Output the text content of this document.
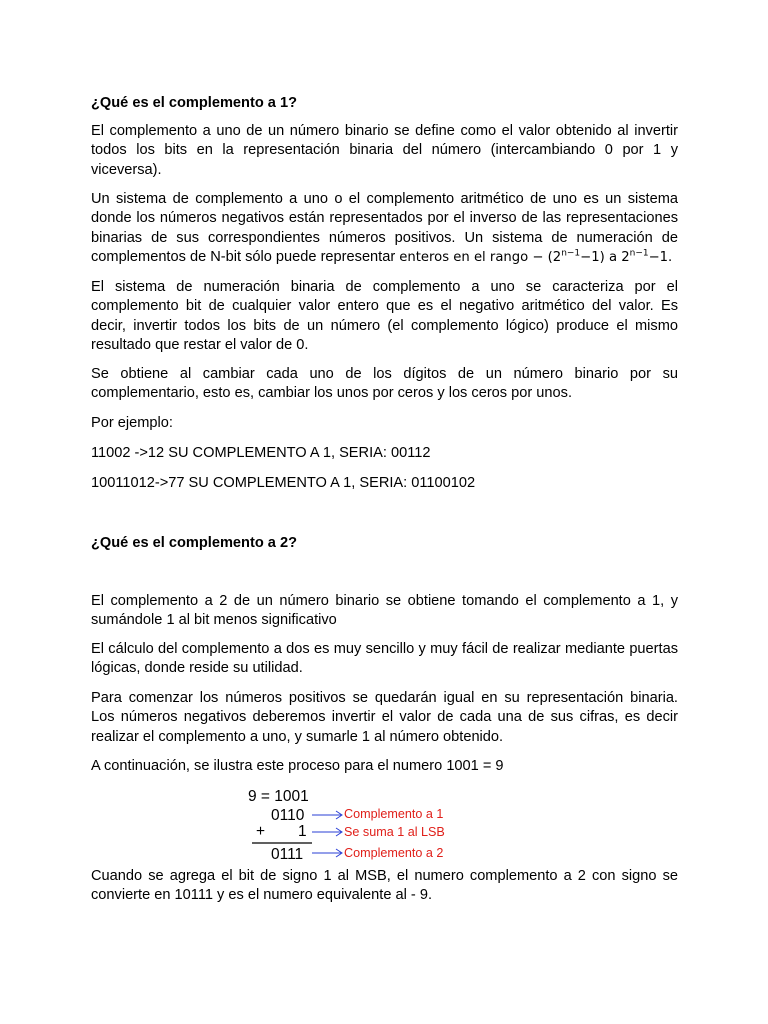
¿Qué es el complemento a 1?
El complemento a uno de un número binario se define como el valor obtenido al invertir
todos los bits en la representación binaria del número (intercambiando 0 por 1 y
viceversa).
Un sistema de complemento a uno o el complemento aritmético de uno es un sistema
donde los números negativos están representados por el inverso de las representaciones
binarias de sus correspondientes números positivos. Un sistema de numeración de
complementos de N-bit sólo puede representar enteros en el rango − $(2^{n-1}-1)$ a $2^{n-1}-1$.
El sistema de numeración binaria de complemento a uno se caracteriza por el
complemento bit de cualquier valor entero que es el negativo aritmético del valor. Es
decir, invertir todos los bits de un número (el complemento lógico) produce el mismo
resultado que restar el valor de 0.
Se obtiene al cambiar cada uno de los dígitos de un número binario por su
complementario, esto es, cambiar los unos por ceros y los ceros por unos.
Por ejemplo:
11002 ->12 SU COMPLEMENTO A 1, SERIA: 00112
10011012->77 SU COMPLEMENTO A 1, SERIA: 01100102
¿Qué es el complemento a 2?
El complemento a 2 de un número binario se obtiene tomando el complemento a 1, y
sumándole 1 al bit menos significativo
El cálculo del complemento a dos es muy sencillo y muy fácil de realizar mediante puertas
lógicas, donde reside su utilidad.
Para comenzar los números positivos se quedarán igual en su representación binaria.
Los números negativos deberemos invertir el valor de cada una de sus cifras, es decir
realizar el complemento a uno, y sumarle 1 al número obtenido.
A continuación, se ilustra este proceso para el numero 1001 = 9
Cuando se agrega el bit de signo 1 al MSB, el numero complemento a 2 con signo se
convierte en 10111 y es el numero equivalente al - 9.
9 = 1001
0110
+ 1
0111
Complemento a 1
Se suma 1 al LSB
Complemento a 2
